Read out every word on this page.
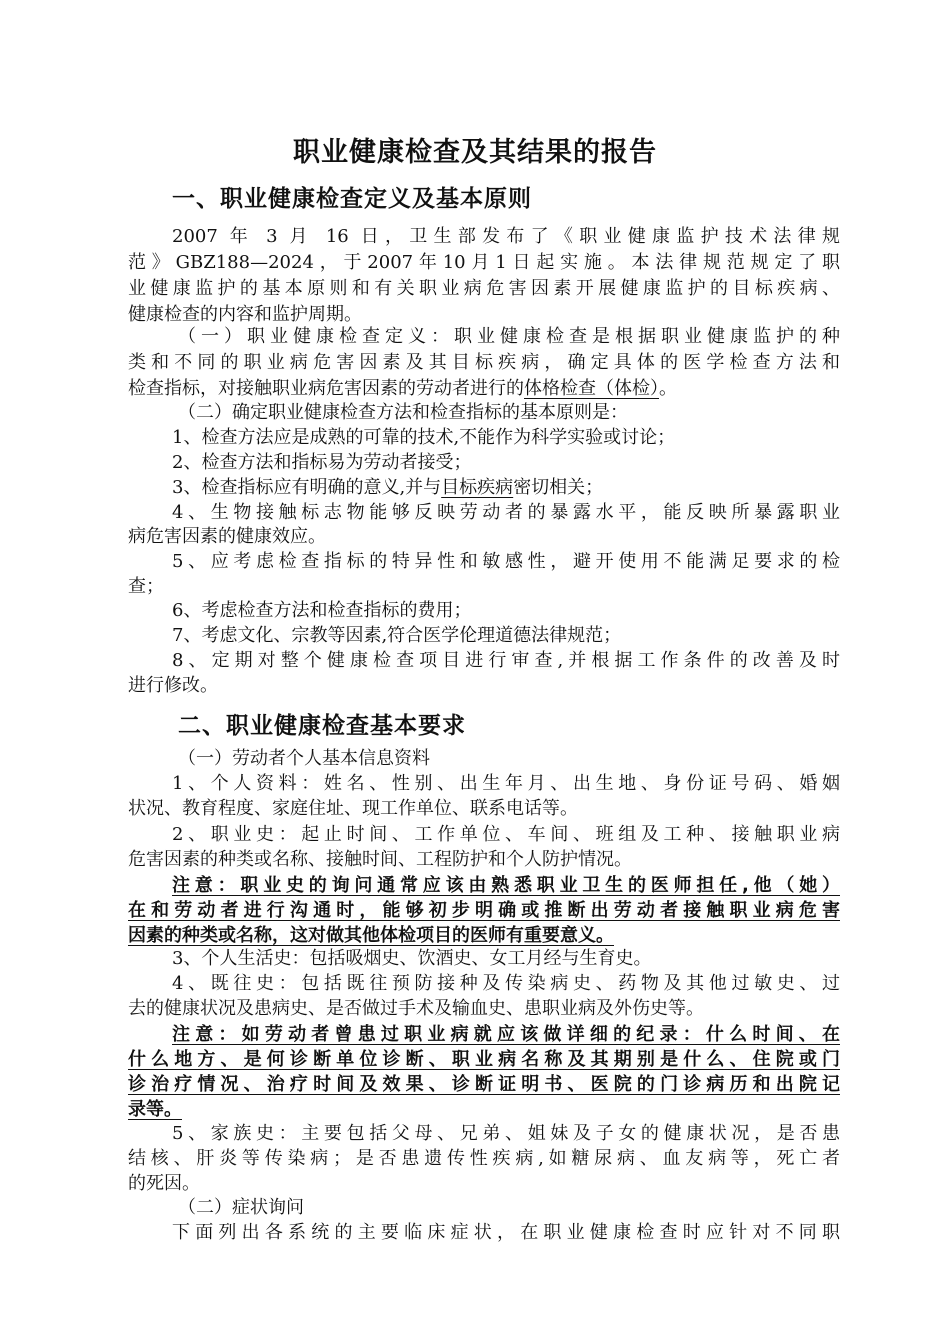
职业健康检查及其结果的报告
一、职业健康检查定义及基本原则
2007 年 3 月 16 日，卫生部发布了《职业健康监护技术法律规
范》GBZ188—2024，于2007年10月1日起实施。本法律规范规定了职
业健康监护的基本原则和有关职业病危害因素开展健康监护的目标疾病、
健康检查的内容和监护周期。
（一）职业健康检查定义：职业健康检查是根据职业健康监护的种
类和不同的职业病危害因素及其目标疾病，确定具体的医学检查方法和
检查指标，对接触职业病危害因素的劳动者进行的体格检查（体检）。
（二）确定职业健康检查方法和检查指标的基本原则是：
1、检查方法应是成熟的可靠的技术,不能作为科学实验或讨论；
2、检查方法和指标易为劳动者接受；
3、检查指标应有明确的意义,并与目标疾病密切相关；
4、生物接触标志物能够反映劳动者的暴露水平，能反映所暴露职业
病危害因素的健康效应。
5、应考虑检查指标的特异性和敏感性，避开使用不能满足要求的检
查；
6、考虑检查方法和检查指标的费用；
7、考虑文化、宗教等因素,符合医学伦理道德法律规范；
8、定期对整个健康检查项目进行审查,并根据工作条件的改善及时
进行修改。
二、职业健康检查基本要求
（一）劳动者个人基本信息资料
1、个人资料：姓名、性别、出生年月、出生地、身份证号码、婚姻
状况、教育程度、家庭住址、现工作单位、联系电话等。
2、职业史：起止时间、工作单位、车间、班组及工种、接触职业病
危害因素的种类或名称、接触时间、工程防护和个人防护情况。
注意：职业史的询问通常应该由熟悉职业卫生的医师担任,他（她）
在和劳动者进行沟通时，能够初步明确或推断出劳动者接触职业病危害
因素的种类或名称，这对做其他体检项目的医师有重要意义。
3、个人生活史：包括吸烟史、饮酒史、女工月经与生育史。
4、既往史：包括既往预防接种及传染病史、药物及其他过敏史、过
去的健康状况及患病史、是否做过手术及输血史、患职业病及外伤史等。
注意：如劳动者曾患过职业病就应该做详细的纪录：什么时间、在
什么地方、是何诊断单位诊断、职业病名称及其期别是什么、住院或门
诊治疗情况、治疗时间及效果、诊断证明书、医院的门诊病历和出院记
录等。
5、家族史：主要包括父母、兄弟、姐妹及子女的健康状况，是否患
结核、肝炎等传染病；是否患遗传性疾病,如糖尿病、血友病等，死亡者
的死因。
（二）症状询问
下面列出各系统的主要临床症状，在职业健康检查时应针对不同职
